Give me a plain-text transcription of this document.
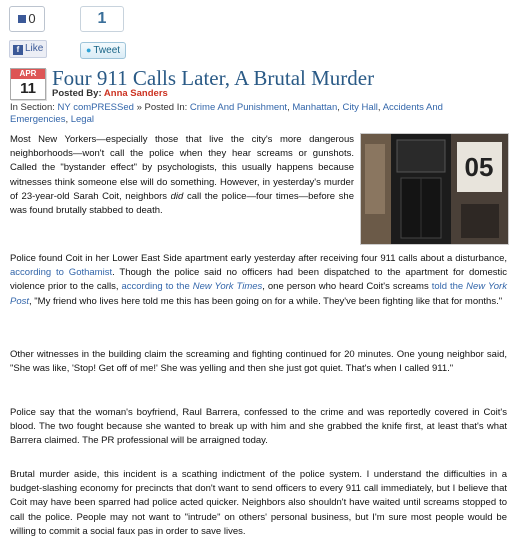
0
f Like
1
● Tweet
APR
11 Four 911 Calls Later, A Brutal Murder
Posted By: Anna Sanders
In Section: NY comPRESSed » Posted In: Crime And Punishment, Manhattan, City Hall, Accidents And Emergencies, Legal
05

Most New Yorkers—especially those that live the city's more dangerous neighborhoods—won't call the police when they hear screams or gunshots. Called the "bystander effect" by psychologists, this usually happens because witnesses think someone else will do something. However, in yesterday's murder of 23-year-old Sarah Coit, neighbors did call the police—four times—before she was found brutally stabbed to death.

Police found Coit in her Lower East Side apartment early yesterday after receiving four 911 calls about a disturbance, according to Gothamist. Though the police said no officers had been dispatched to the apartment for domestic violence prior to the calls, according to the New York Times, one person who heard Coit's screams told the New York Post, "My friend who lives here told me this has been going on for a while. They've been fighting like that for months."

Other witnesses in the building claim the screaming and fighting continued for 20 minutes. One young neighbor said, "She was like, 'Stop! Get off of me!' She was yelling and then she just got quiet. That's when I called 911."

Police say that the woman's boyfriend, Raul Barrera, confessed to the crime and was reportedly covered in Coit's blood. The two fought because she wanted to break up with him and she grabbed the knife first, at least that's what Barrera claimed. The PR professional will be arraigned today.

Brutal murder aside, this incident is a scathing indictment of the police system. I understand the difficulties in a budget-slashing economy for precincts that don't want to send officers to every 911 call immediately, but I believe that Coit may have been sparred had police acted quicker. Neighbors also shouldn't have waited until screams stopped to call the police. People may not want to "intrude" on others' personal business, but I'm sure most people would be willing to commit a social faux pas in order to save lives.
